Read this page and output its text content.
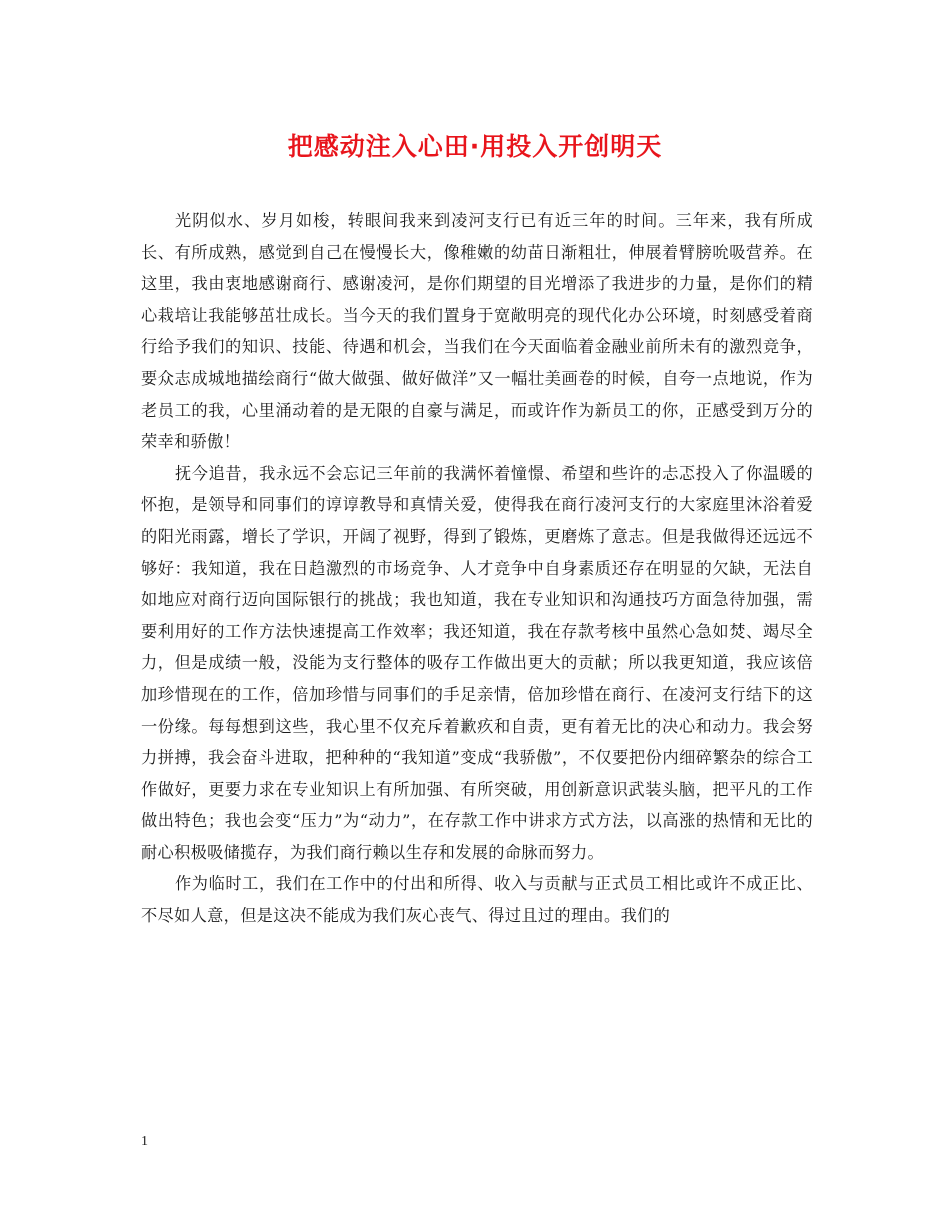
把感动注入心田·用投入开创明天

光阴似水、岁月如梭，转眼间我来到凌河支行已有近三年的时间。三年来，我有所成长、有所成熟，感觉到自己在慢慢长大，像稚嫩的幼苗日渐粗壮，伸展着臂膀吮吸营养。在这里，我由衷地感谢商行、感谢凌河，是你们期望的目光增添了我进步的力量，是你们的精心栽培让我能够茁壮成长。当今天的我们置身于宽敞明亮的现代化办公环境，时刻感受着商行给予我们的知识、技能、待遇和机会，当我们在今天面临着金融业前所未有的激烈竞争，要众志成城地描绘商行“做大做强、做好做洋”又一幅壮美画卷的时候，自夸一点地说，作为老员工的我，心里涌动着的是无限的自豪与满足，而或许作为新员工的你，正感受到万分的荣幸和骄傲！

抚今追昔，我永远不会忘记三年前的我满怀着憧憬、希望和些许的忐忑投入了你温暖的怀抱，是领导和同事们的谆谆教导和真情关爱，使得我在商行凌河支行的大家庭里沐浴着爱的阳光雨露，增长了学识，开阔了视野，得到了锻炼，更磨炼了意志。但是我做得还远远不够好：我知道，我在日趋激烈的市场竞争、人才竞争中自身素质还存在明显的欠缺，无法自如地应对商行迈向国际银行的挑战；我也知道，我在专业知识和沟通技巧方面急待加强，需要利用好的工作方法快速提高工作效率；我还知道，我在存款考核中虽然心急如焚、竭尽全力，但是成绩一般，没能为支行整体的吸存工作做出更大的贡献；所以我更知道，我应该倍加珍惜现在的工作，倍加珍惜与同事们的手足亲情，倍加珍惜在商行、在凌河支行结下的这一份缘。每每想到这些，我心里不仅充斥着歉疚和自责，更有着无比的决心和动力。我会努力拼搏，我会奋斗进取，把种种的“我知道”变成“我骄傲”，不仅要把份内细碎繁杂的综合工作做好，更要力求在专业知识上有所加强、有所突破，用创新意识武装头脑，把平凡的工作做出特色；我也会变“压力”为“动力”，在存款工作中讲求方式方法，以高涨的热情和无比的耐心积极吸储揽存，为我们商行赖以生存和发展的命脉而努力。

作为临时工，我们在工作中的付出和所得、收入与贡献与正式员工相比或许不成正比、不尽如人意，但是这决不能成为我们灰心丧气、得过且过的理由。我们的

1
